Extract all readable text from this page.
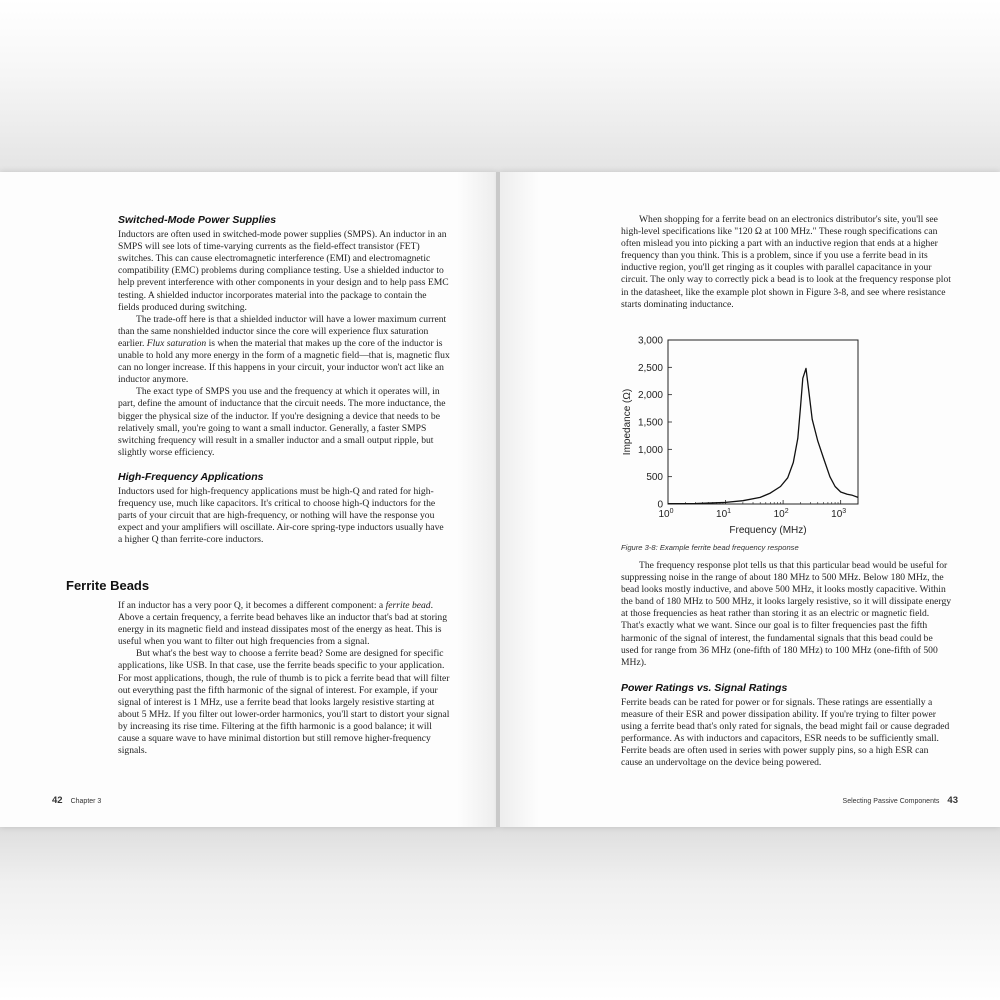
Switched-Mode Power Supplies

Inductors are often used in switched-mode power supplies (SMPS). An inductor in an SMPS will see lots of time-varying currents as the field-effect transistor (FET) switches. This can cause electromagnetic interference (EMI) and electromagnetic compatibility (EMC) problems during compliance testing. Use a shielded inductor to help prevent interference with other components in your design and to help pass EMC testing. A shielded inductor incorporates material into the package to contain the fields produced during switching.

The trade-off here is that a shielded inductor will have a lower maximum current than the same nonshielded inductor since the core will experience flux saturation earlier. Flux saturation is when the material that makes up the core of the inductor is unable to hold any more energy in the form of a magnetic field—that is, magnetic flux can no longer increase. If this happens in your circuit, your inductor won't act like an inductor anymore.

The exact type of SMPS you use and the frequency at which it operates will, in part, define the amount of inductance that the circuit needs. The more inductance, the bigger the physical size of the inductor. If you're designing a device that needs to be relatively small, you're going to want a small inductor. Generally, a faster SMPS switching frequency will result in a smaller inductor and a small output ripple, but slightly worse efficiency.

High-Frequency Applications

Inductors used for high-frequency applications must be high-Q and rated for high-frequency use, much like capacitors. It's critical to choose high-Q inductors for the parts of your circuit that are high-frequency, or nothing will have the response you expect and your amplifiers will oscillate. Air-core spring-type inductors usually have a higher Q than ferrite-core inductors.

Ferrite Beads

If an inductor has a very poor Q, it becomes a different component: a ferrite bead. Above a certain frequency, a ferrite bead behaves like an inductor that's bad at storing energy in its magnetic field and instead dissipates most of the energy as heat. This is useful when you want to filter out high frequencies from a signal.

But what's the best way to choose a ferrite bead? Some are designed for specific applications, like USB. In that case, use the ferrite beads specific to your application. For most applications, though, the rule of thumb is to pick a ferrite bead that will filter out everything past the fifth harmonic of the signal of interest. For example, if your signal of interest is 1 MHz, use a ferrite bead that looks largely resistive starting at about 5 MHz. If you filter out lower-order harmonics, you'll start to distort your signal by increasing its rise time. Filtering at the fifth harmonic is a good balance; it will cause a square wave to have minimal distortion but still remove higher-frequency signals.

42 Chapter 3

When shopping for a ferrite bead on an electronics distributor's site, you'll see high-level specifications like "120 Ω at 100 MHz." These rough specifications can often mislead you into picking a part with an inductive region that ends at a higher frequency than you think. This is a problem, since if you use a ferrite bead in its inductive region, you'll get ringing as it couples with parallel capacitance in your circuit. The only way to correctly pick a bead is to look at the frequency response plot in the datasheet, like the example plot shown in Figure 3-8, and see where resistance starts dominating inductance.

0
500
1,000
1,500
2,000
2,500
3,000
$10^0$	$10^1$	$10^2$	$10^3$
Frequency (MHz)
Impedance (Ω)
Figure 3-8: Example ferrite bead frequency response

The frequency response plot tells us that this particular bead would be useful for suppressing noise in the range of about 180 MHz to 500 MHz. Below 180 MHz, the bead looks mostly inductive, and above 500 MHz, it looks mostly capacitive. Within the band of 180 MHz to 500 MHz, it looks largely resistive, so it will dissipate energy at those frequencies as heat rather than storing it as an electric or magnetic field. That's exactly what we want. Since our goal is to filter frequencies past the fifth harmonic of the signal of interest, the fundamental signals that this bead could be used for range from 36 MHz (one-fifth of 180 MHz) to 100 MHz (one-fifth of 500 MHz).

Power Ratings vs. Signal Ratings

Ferrite beads can be rated for power or for signals. These ratings are essentially a measure of their ESR and power dissipation ability. If you're trying to filter power using a ferrite bead that's only rated for signals, the bead might fail or cause degraded performance. As with inductors and capacitors, ESR needs to be sufficiently small. Ferrite beads are often used in series with power supply pins, so a high ESR can cause an undervoltage on the device being powered.

Selecting Passive Components 43
